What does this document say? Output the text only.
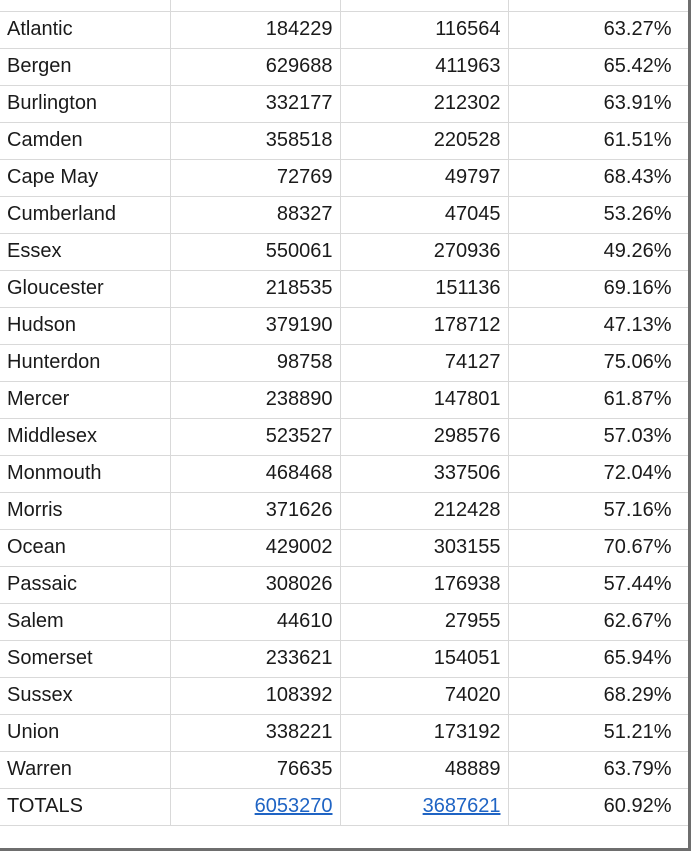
Atlantic	184229	116564	63.27%
Bergen	629688	411963	65.42%
Burlington	332177	212302	63.91%
Camden	358518	220528	61.51%
Cape May	72769	49797	68.43%
Cumberland	88327	47045	53.26%
Essex	550061	270936	49.26%
Gloucester	218535	151136	69.16%
Hudson	379190	178712	47.13%
Hunterdon	98758	74127	75.06%
Mercer	238890	147801	61.87%
Middlesex	523527	298576	57.03%
Monmouth	468468	337506	72.04%
Morris	371626	212428	57.16%
Ocean	429002	303155	70.67%
Passaic	308026	176938	57.44%
Salem	44610	27955	62.67%
Somerset	233621	154051	65.94%
Sussex	108392	74020	68.29%
Union	338221	173192	51.21%
Warren	76635	48889	63.79%
TOTALS	6053270	3687621	60.92%
